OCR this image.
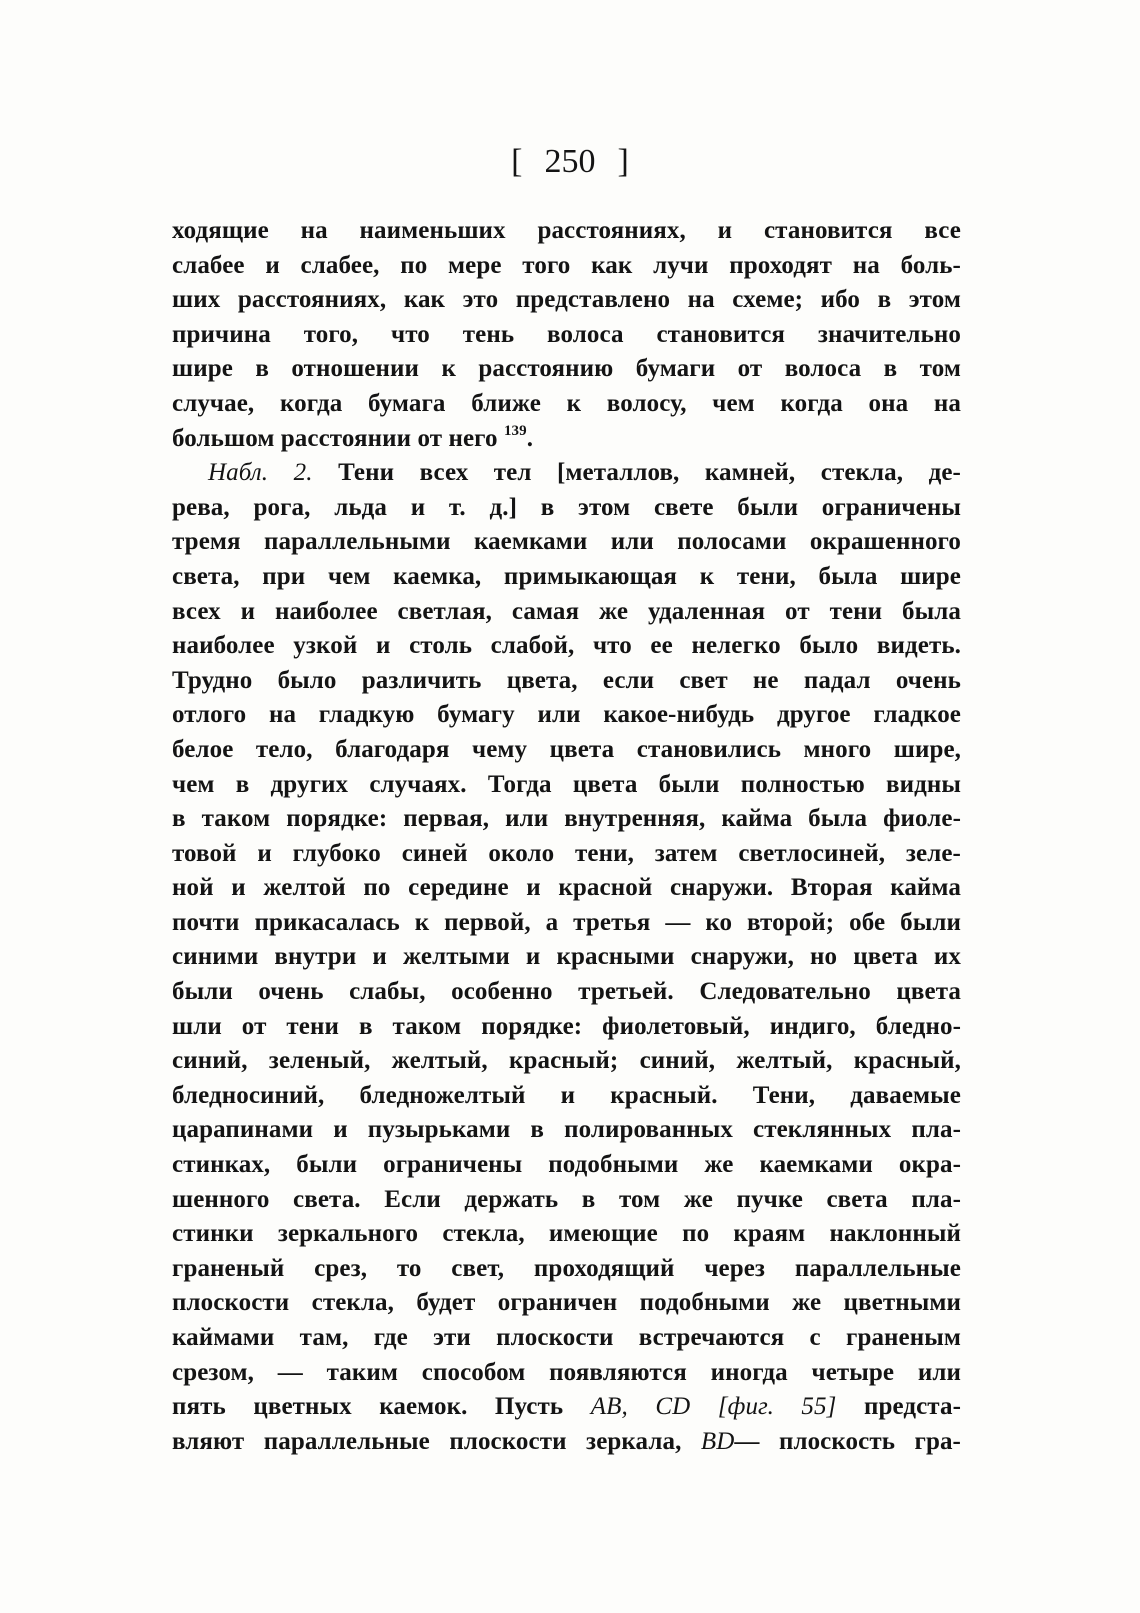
[ 250 ]
ходящие на наименьших расстояниях, и становится все
слабее и слабее, по мере того как лучи проходят на боль-
ших расстояниях, как это представлено на схеме; ибо в этом
причина того, что тень волоса становится значительно
шире в отношении к расстоянию бумаги от волоса в том
случае, когда бумага ближе к волосу, чем когда она на
большом расстоянии от него $^{139}$.
Набл. 2. Тени всех тел [металлов, камней, стекла, де-
рева, рога, льда и т. д.] в этом свете были ограничены
тремя параллельными каемками или полосами окрашенного
света, при чем каемка, примыкающая к тени, была шире
всех и наиболее светлая, самая же удаленная от тени была
наиболее узкой и столь слабой, что ее нелегко было видеть.
Трудно было различить цвета, если свет не падал очень
отлого на гладкую бумагу или какое-нибудь другое гладкое
белое тело, благодаря чему цвета становились много шире,
чем в других случаях. Тогда цвета были полностью видны
в таком порядке: первая, или внутренняя, кайма была фиоле-
товой и глубоко синей около тени, затем светлосиней, зеле-
ной и желтой по середине и красной снаружи. Вторая кайма
почти прикасалась к первой, а третья — ко второй; обе были
синими внутри и желтыми и красными снаружи, но цвета их
были очень слабы, особенно третьей. Следовательно цвета
шли от тени в таком порядке: фиолетовый, индиго, бледно-
синий, зеленый, желтый, красный; синий, желтый, красный,
бледносиний, бледножелтый и красный. Тени, даваемые
царапинами и пузырьками в полированных стеклянных пла-
стинках, были ограничены подобными же каемками окра-
шенного света. Если держать в том же пучке света пла-
стинки зеркального стекла, имеющие по краям наклонный
граненый срез, то свет, проходящий через параллельные
плоскости стекла, будет ограничен подобными же цветными
каймами там, где эти плоскости встречаются с граненым
срезом, — таким способом появляются иногда четыре или
пять цветных каемок. Пусть AB, CD [фиг. 55] предста-
вляют параллельные плоскости зеркала, BD— плоскость гра-
